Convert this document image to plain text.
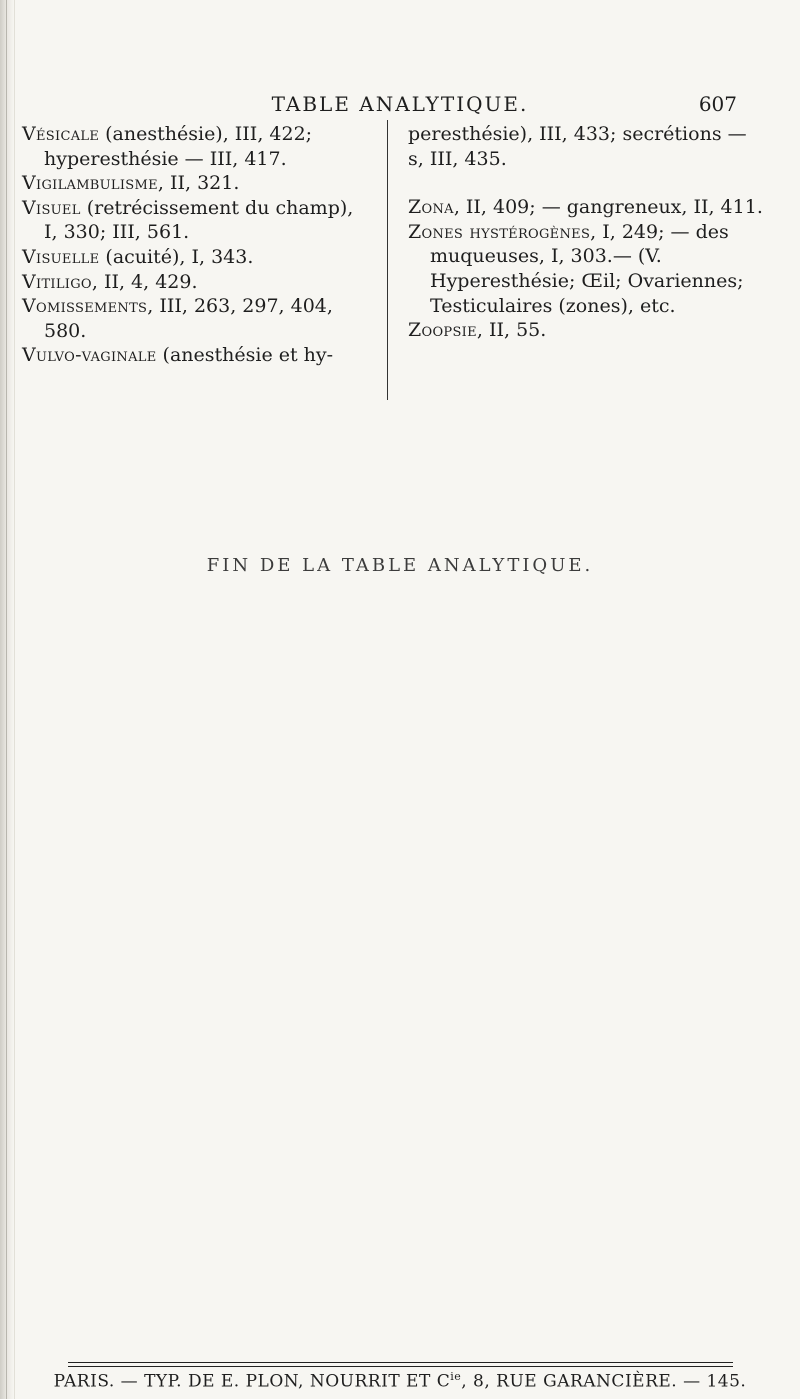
TABLE ANALYTIQUE.	607

Vésicale (anesthésie), III, 422; hyperesthésie — III, 417.

Vigilambulisme, II, 321.

Visuel (retrécissement du champ), I, 330; III, 561.

Visuelle (acuité), I, 343.

Vitiligo, II, 4, 429.

Vomissements, III, 263, 297, 404, 580.

Vulvo-vaginale (anesthésie et hy-

peresthésie), III, 433; secrétions — s, III, 435.

Zona, II, 409; — gangreneux, II, 411.

Zones hystérogènes, I, 249; — des muqueuses, I, 303.— (V. Hyperesthésie; Œil; Ovariennes; Testiculaires (zones), etc.

Zoopsie, II, 55.

FIN DE LA TABLE ANALYTIQUE.
PARIS. — TYP. DE E. PLON, NOURRIT ET $C^{ie}$, 8, RUE GARANCIÈRE. — 145.
